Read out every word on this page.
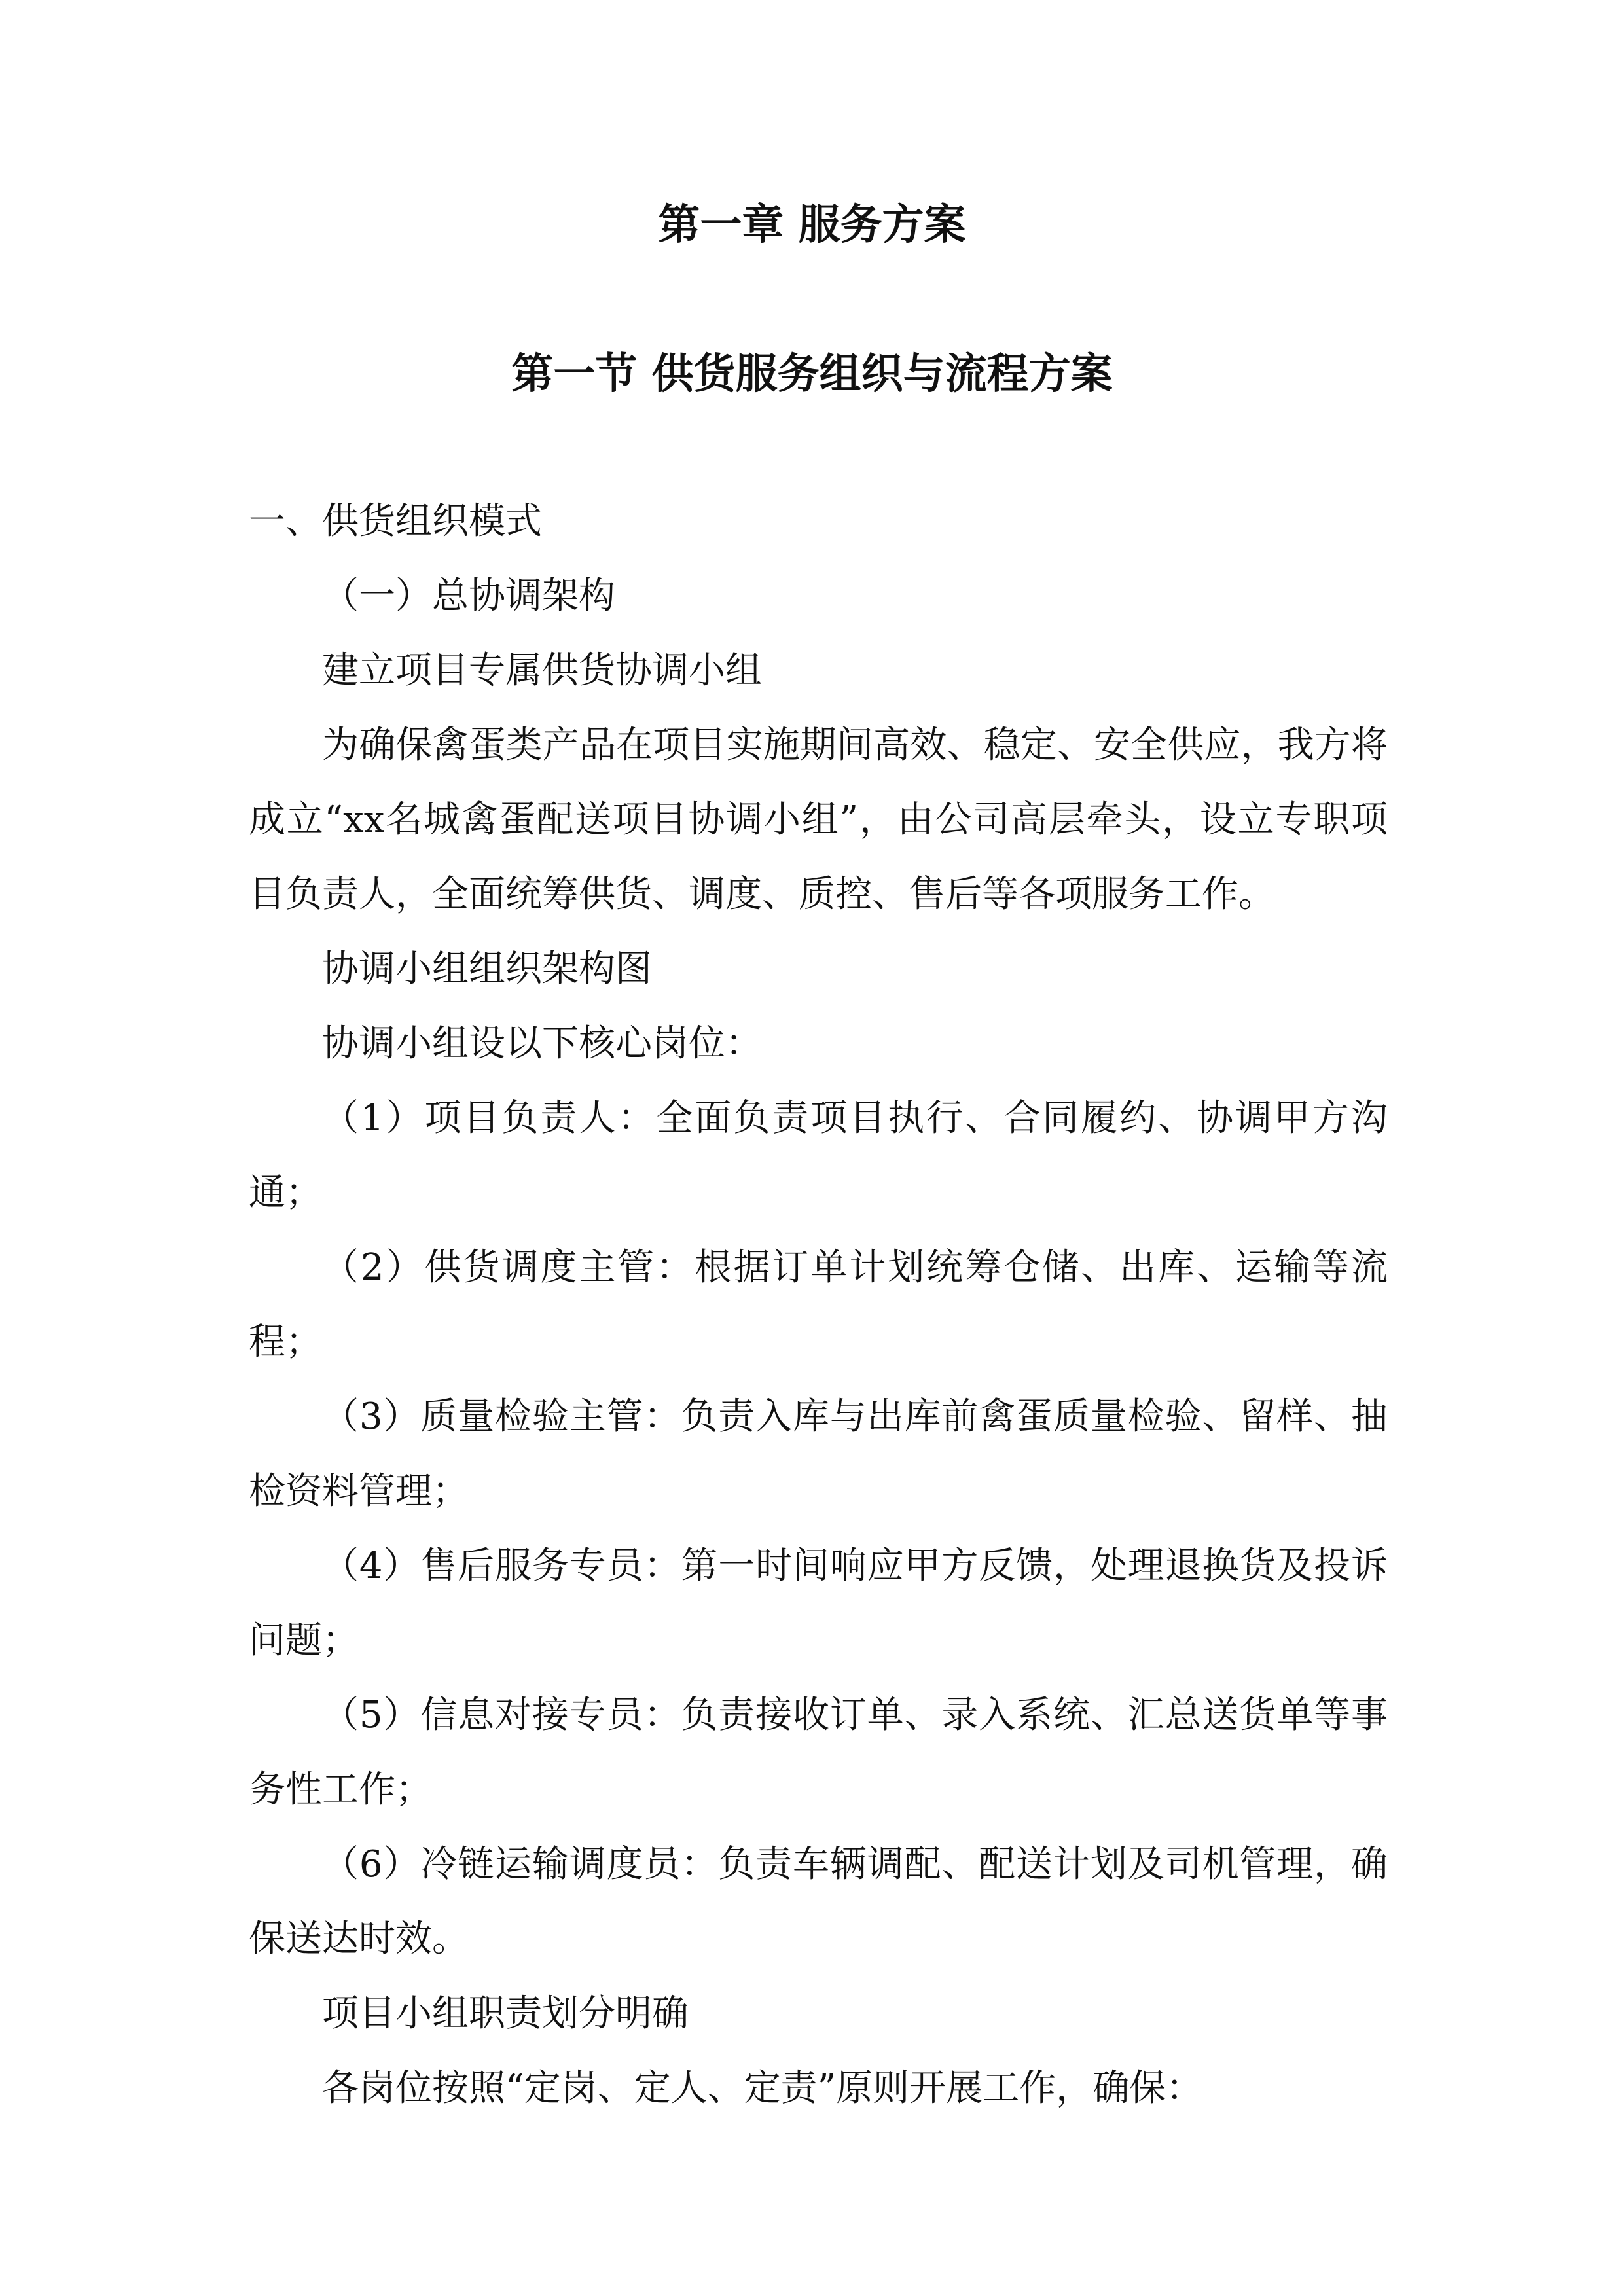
第一章 服务方案
第一节 供货服务组织与流程方案

一、供货组织模式

（一）总协调架构

建立项目专属供货协调小组

为确保禽蛋类产品在项目实施期间高效、稳定、安全供应，我方将成立“xx名城禽蛋配送项目协调小组”，由公司高层牵头，设立专职项目负责人，全面统筹供货、调度、质控、售后等各项服务工作。

协调小组组织架构图

协调小组设以下核心岗位：

（1）项目负责人：全面负责项目执行、合同履约、协调甲方沟通；

（2）供货调度主管：根据订单计划统筹仓储、出库、运输等流程；

（3）质量检验主管：负责入库与出库前禽蛋质量检验、留样、抽检资料管理；

（4）售后服务专员：第一时间响应甲方反馈，处理退换货及投诉问题；

（5）信息对接专员：负责接收订单、录入系统、汇总送货单等事务性工作；

（6）冷链运输调度员：负责车辆调配、配送计划及司机管理，确保送达时效。

项目小组职责划分明确

各岗位按照“定岗、定人、定责”原则开展工作，确保：
